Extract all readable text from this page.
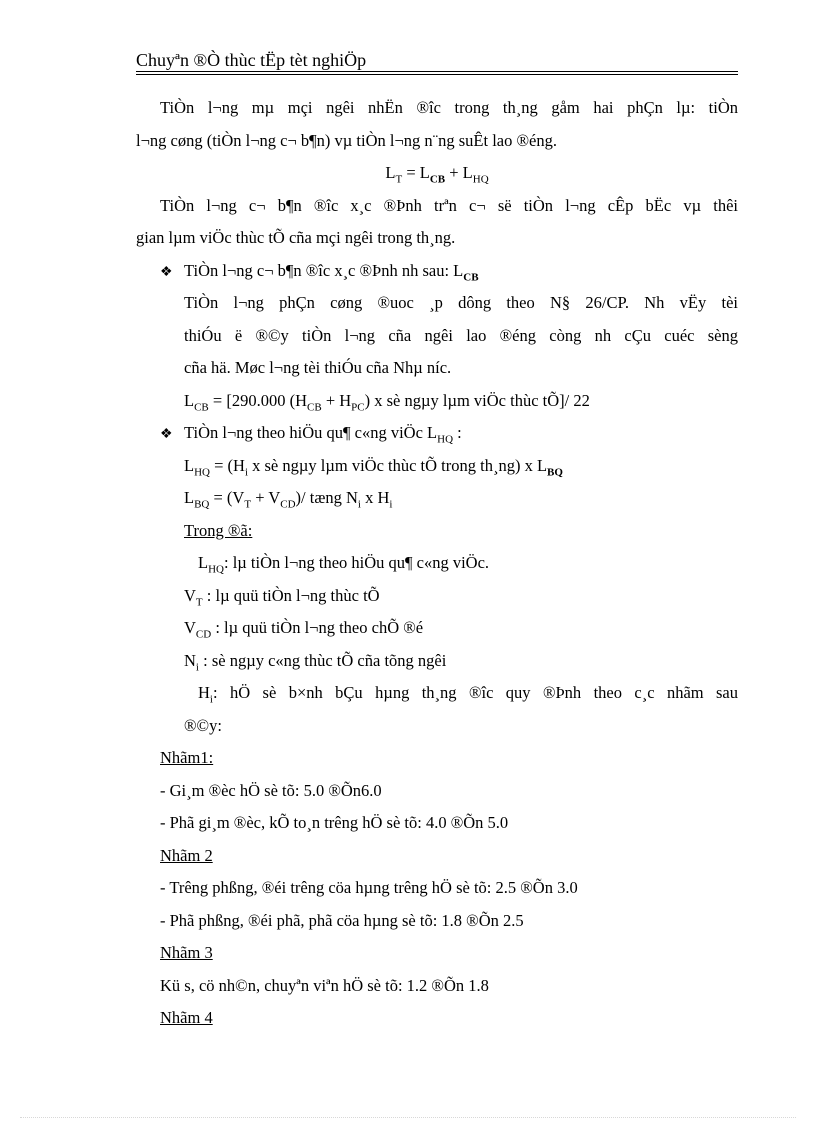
Chuyªn ®Ò thùc tËp tèt nghiÖp
TiÒn l¬ng mµ mçi ngêi nhËn ®îc trong th¸ng gåm hai phÇn lµ: tiÒn
l¬ng cøng (tiÒn l¬ng c¬ b¶n) vµ tiÒn l¬ng n¨ng suÊt lao ®éng.
$L_T = L_{CB} + L_{HQ}$
TiÒn l¬ng c¬ b¶n ®îc x¸c ®Þnh trªn c¬ së tiÒn l¬ng cÊp bËc vµ thêi
gian lµm viÖc thùc tÕ cña mçi ngêi trong th¸ng.
❖ TiÒn l¬ng c¬ b¶n ®îc x¸c ®Þnh nh sau: $L_{CB}$
TiÒn l¬ng phÇn cøng ®uoc ¸p dông theo N§ 26/CP. Nh vËy tèi
thiÓu ë ®©y tiÒn l¬ng cña ngêi lao ®éng còng nh cÇu cuéc sèng
cña hä. Møc l¬ng tèi thiÓu cña Nhµ níc.
$L_{CB} = [290.000$ $(H_{CB} + H_{PC})$ x sè ngµy lµm viÖc thùc tÕ]/ 22
❖ TiÒn l¬ng theo hiÖu qu¶ c«ng viÖc $L_{HQ}$ :
$L_{HQ} = (H_i$ x sè ngµy lµm viÖc thùc tÕ trong th¸ng) x $L_{BQ}$
$L_{BQ} = (V_T + V_{CD})/$ tæng $N_i$ x $H_i$
Trong ®ã:
$L_{HQ}$: lµ tiÒn l¬ng theo hiÖu qu¶ c«ng viÖc.
$V_T$ : lµ quü tiÒn l¬ng thùc tÕ
$V_{CD}$ : lµ quü tiÒn l¬ng theo chÕ ®é
$N_i$ : sè ngµy c«ng thùc tÕ cña tõng ngêi
$H_i$: hÖ sè b×nh bÇu hµng th¸ng ®îc quy ®Þnh theo c¸c nhãm sau
®©y:
Nhãm1:
- Gi¸m ®èc hÖ sè tõ: 5.0 ®Õn6.0
- Phã gi¸m ®èc, kÕ to¸n trêng hÖ sè tõ: 4.0 ®Õn 5.0
Nhãm 2
- Trêng phßng, ®éi trêng cöa hµng trêng hÖ sè tõ: 2.5 ®Õn 3.0
- Phã phßng, ®éi phã, phã cöa hµng sè tõ: 1.8 ®Õn 2.5
Nhãm 3
Kü s, cö nh©n, chuyªn viªn hÖ sè tõ: 1.2 ®Õn 1.8
Nhãm 4
